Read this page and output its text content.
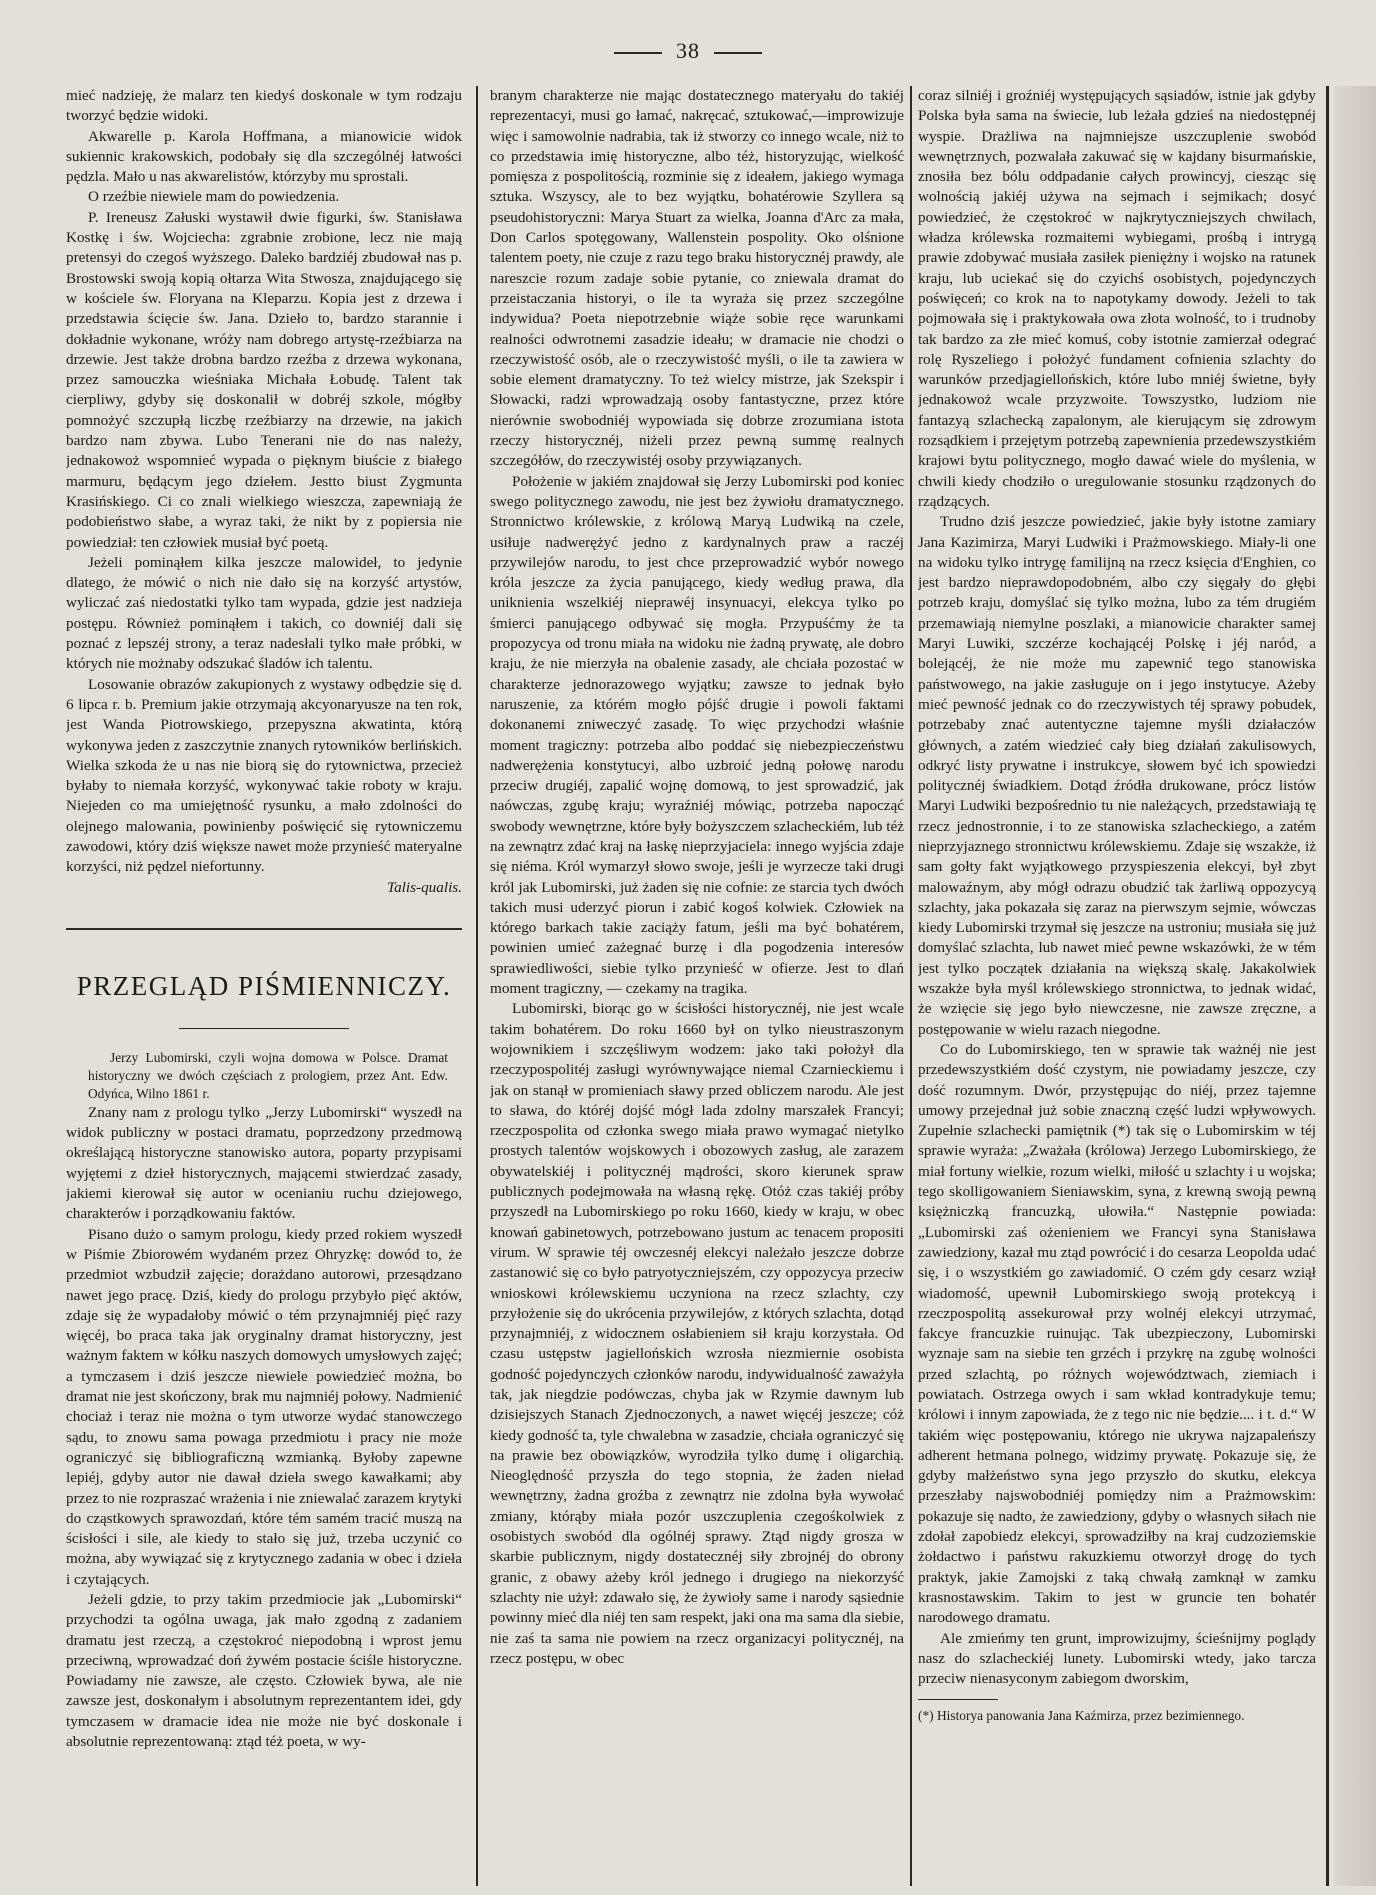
38

mieć nadzieję, że malarz ten kiedyś doskonale w tym rodzaju tworzyć będzie widoki.

Akwarelle p. Karola Hoffmana, a mianowicie widok sukiennic krakowskich, podobały się dla szczególnéj łatwości pędzla. Mało u nas akwarelistów, którzyby mu sprostali.

O rzeźbie niewiele mam do powiedzenia.

P. Ireneusz Załuski wystawił dwie figurki, św. Stanisława Kostkę i św. Wojciecha: zgrabnie zrobione, lecz nie mają pretensyi do czegoś wyższego. Daleko bardziéj zbudował nas p. Brostowski swoją kopią ołtarza Wita Stwosza, znajdującego się w kościele św. Floryana na Kleparzu. Kopia jest z drzewa i przedstawia ścięcie św. Jana. Dzieło to, bardzo starannie i dokładnie wykonane, wróży nam dobrego artystę-rzeźbiarza na drzewie. Jest także drobna bardzo rzeźba z drzewa wykonana, przez samouczka wieśniaka Michała Łobudę. Talent tak cierpliwy, gdyby się doskonalił w dobréj szkole, mógłby pomnożyć szczupłą liczbę rzeźbiarzy na drzewie, na jakich bardzo nam zbywa. Lubo Tenerani nie do nas należy, jednakowoż wspomnieć wypada o pięknym biuście z białego marmuru, będącym jego dziełem. Jestto biust Zygmunta Krasińskiego. Ci co znali wielkiego wieszcza, zapewniają że podobieństwo słabe, a wyraz taki, że nikt by z popiersia nie powiedział: ten człowiek musiał być poetą.

Jeżeli pominąłem kilka jeszcze malowideł, to jedynie dlatego, że mówić o nich nie dało się na korzyść artystów, wyliczać zaś niedostatki tylko tam wypada, gdzie jest nadzieja postępu. Również pominąłem i takich, co downiéj dali się poznać z lepszéj strony, a teraz nadesłali tylko małe próbki, w których nie możnaby odszukać śladów ich talentu.

Losowanie obrazów zakupionych z wystawy odbędzie się d. 6 lipca r. b. Premium jakie otrzymają akcyonaryusze na ten rok, jest Wanda Piotrowskiego, przepyszna akwatinta, którą wykonywa jeden z zaszczytnie znanych rytowników berlińskich. Wielka szkoda że u nas nie biorą się do rytownictwa, przecież byłaby to niemała korzyść, wykonywać takie roboty w kraju. Niejeden co ma umiejętność rysunku, a mało zdolności do olejnego malowania, powinienby poświęcić się rytowniczemu zawodowi, który dziś większe nawet może przynieść materyalne korzyści, niż pędzel niefortunny.

Talis-qualis.

PRZEGLĄD PIŚMIENNICZY.

Jerzy Lubomirski, czyli wojna domowa w Polsce. Dramat historyczny we dwóch częściach z prologiem, przez Ant. Edw. Odyńca, Wilno 1861 r.

Znany nam z prologu tylko „Jerzy Lubomirski“ wyszedł na widok publiczny w postaci dramatu, poprzedzony przedmową określającą historyczne stanowisko autora, poparty przypisami wyjętemi z dzieł historycznych, mającemi stwierdzać zasady, jakiemi kierował się autor w ocenianiu ruchu dziejowego, charakterów i porządkowaniu faktów.

Pisano dużo o samym prologu, kiedy przed rokiem wyszedł w Piśmie Zbiorowém wydaném przez Ohryzkę: dowód to, że przedmiot wzbudził zajęcie; dorażdano autorowi, przesądzano nawet jego pracę. Dziś, kiedy do prologu przybyło pięć aktów, zdaje się że wypadałoby mówić o tém przynajmniéj pięć razy więcéj, bo praca taka jak oryginalny dramat historyczny, jest ważnym faktem w kółku naszych domowych umysłowych zajęć; a tymczasem i dziś jeszcze niewiele powiedzieć można, bo dramat nie jest skończony, brak mu najmniéj połowy. Nadmienić chociaż i teraz nie można o tym utworze wydać stanowczego sądu, to znowu sama powaga przedmiotu i pracy nie może ograniczyć się bibliograficzną wzmianką. Byłoby zapewne lepiéj, gdyby autor nie dawał dzieła swego kawałkami; aby przez to nie rozpraszać wrażenia i nie zniewalać zarazem krytyki do cząstkowych sprawozdań, które tém samém tracić muszą na ścisłości i sile, ale kiedy to stało się już, trzeba uczynić co można, aby wywiązać się z krytycznego zadania w obec i dzieła i czytających.

Jeżeli gdzie, to przy takim przedmiocie jak „Lubomirski“ przychodzi ta ogólna uwaga, jak mało zgodną z zadaniem dramatu jest rzeczą, a częstokroć niepodobną i wprost jemu przeciwną, wprowadzać doń żywém postacie ściśle historyczne. Powiadamy nie zawsze, ale często. Człowiek bywa, ale nie zawsze jest, doskonałym i absolutnym reprezentantem idei, gdy tymczasem w dramacie idea nie może nie być doskonale i absolutnie reprezentowaną: ztąd téż poeta, w wy-

branym charakterze nie mając dostatecznego materyału do takiéj reprezentacyi, musi go łamać, nakręcać, sztukować,—improwizuje więc i samowolnie nadrabia, tak iż stworzy co innego wcale, niż to co przedstawia imię historyczne, albo téż, historyzując, wielkość pomięsza z pospolitością, rozminie się z ideałem, jakiego wymaga sztuka. Wszyscy, ale to bez wyjątku, bohatérowie Szyllera są pseudohistoryczni: Marya Stuart za wielka, Joanna d'Arc za mała, Don Carlos spotęgowany, Wallenstein pospolity. Oko olśnione talentem poety, nie czuje z razu tego braku historycznéj prawdy, ale nareszcie rozum zadaje sobie pytanie, co zniewala dramat do przeistaczania historyi, o ile ta wyraża się przez szczególne indywidua? Poeta niepotrzebnie wiąże sobie ręce warunkami realności odwrotnemi zasadzie ideału; w dramacie nie chodzi o rzeczywistość osób, ale o rzeczywistość myśli, o ile ta zawiera w sobie element dramatyczny. To też wielcy mistrze, jak Szekspir i Słowacki, radzi wprowadzają osoby fantastyczne, przez które nierównie swobodniéj wypowiada się dobrze zrozumiana istota rzeczy historycznéj, niżeli przez pewną summę realnych szczegółów, do rzeczywistéj osoby przywiązanych.

Położenie w jakiém znajdował się Jerzy Lubomirski pod koniec swego politycznego zawodu, nie jest bez żywiołu dramatycznego. Stronnictwo królewskie, z królową Maryą Ludwiką na czele, usiłuje nadwerężyć jedno z kardynalnych praw a raczéj przywilejów narodu, to jest chce przeprowadzić wybór nowego króla jeszcze za życia panującego, kiedy według prawa, dla uniknienia wszelkiéj nieprawéj insynuacyi, elekcya tylko po śmierci panującego odbywać się mogła. Przypuśćmy że ta propozycya od tronu miała na widoku nie żadną prywatę, ale dobro kraju, że nie mierzyła na obalenie zasady, ale chciała pozostać w charakterze jednorazowego wyjątku; zawsze to jednak było naruszenie, za którém mogło pójść drugie i powoli faktami dokonanemi zniweczyć zasadę. To więc przychodzi właśnie moment tragiczny: potrzeba albo poddać się niebezpieczeństwu nadwerężenia konstytucyi, albo uzbroić jedną połowę narodu przeciw drugiéj, zapalić wojnę domową, to jest sprowadzić, jak naówczas, zgubę kraju; wyraźniéj mówiąc, potrzeba napocząć swobody wewnętrzne, które były bożyszczem szlacheckiém, lub téż na zewnątrz zdać kraj na łaskę nieprzyjaciela: innego wyjścia zdaje się niéma. Król wymarzył słowo swoje, jeśli je wyrzecze taki drugi król jak Lubomirski, już żaden się nie cofnie: ze starcia tych dwóch takich musi uderzyć piorun i zabić kogoś kolwiek. Człowiek na którego barkach takie zaciąży fatum, jeśli ma być bohatérem, powinien umieć zażegnać burzę i dla pogodzenia interesów sprawiedliwości, siebie tylko przynieść w ofierze. Jest to dlań moment tragiczny, — czekamy na tragika.

Lubomirski, biorąc go w ścisłości historycznéj, nie jest wcale takim bohatérem. Do roku 1660 był on tylko nieustraszonym wojownikiem i szczęśliwym wodzem: jako taki położył dla rzeczypospolitéj zasługi wyrównywające niemal Czarnieckiemu i jak on stanął w promieniach sławy przed obliczem narodu. Ale jest to sława, do któréj dojść mógł lada zdolny marszałek Francyi; rzeczpospolita od członka swego miała prawo wymagać nietylko prostych talentów wojskowych i obozowych zasług, ale zarazem obywatelskiéj i politycznéj mądrości, skoro kierunek spraw publicznych podejmowała na własną rękę. Otóż czas takiéj próby przyszedł na Lubomirskiego po roku 1660, kiedy w kraju, w obec knowań gabinetowych, potrzebowano justum ac tenacem propositi virum. W sprawie téj owczesnéj elekcyi należało jeszcze dobrze zastanowić się co było patryotyczniejszém, czy oppozycya przeciw wnioskowi królewskiemu uczyniona na rzecz szlachty, czy przyłożenie się do ukrócenia przywilejów, z których szlachta, dotąd przynajmniéj, z widocznem osłabieniem sił kraju korzystała. Od czasu ustępstw jagiellońskich wzrosła niezmiernie osobista godność pojedynczych członków narodu, indywidualność zaważyła tak, jak niegdzie podówczas, chyba jak w Rzymie dawnym lub dzisiejszych Stanach Zjednoczonych, a nawet więcéj jeszcze; cóż kiedy godność ta, tyle chwalebna w zasadzie, chciała ograniczyć się na prawie bez obowiązków, wyrodziła tylko dumę i oligarchią. Nieoględność przyszła do tego stopnia, że żaden nieład wewnętrzny, żadna groźba z zewnątrz nie zdolna była wywołać zmiany, którąby miała pozór uszczuplenia czegośkolwiek z osobistych swobód dla ogólnéj sprawy. Ztąd nigdy grosza w skarbie publicznym, nigdy dostatecznéj siły zbrojnéj do obrony granic, z obawy ażeby król jednego i drugiego na niekorzyść szlachty nie użył: zdawało się, że żywioły same i narody sąsiednie powinny mieć dla niéj ten sam respekt, jaki ona ma sama dla siebie, nie zaś ta sama nie powiem na rzecz organizacyi politycznéj, na rzecz postępu, w obec

coraz silniéj i groźniéj występujących sąsiadów, istnie jak gdyby Polska była sama na świecie, lub leżała gdzieś na niedostępnéj wyspie. Drażliwa na najmniejsze uszczuplenie swobód wewnętrznych, pozwalała zakuwać się w kajdany bisurmańskie, znosiła bez bólu oddpadanie całych prowincyj, ciesząc się wolnością jakiéj używa na sejmach i sejmikach; dosyć powiedzieć, że częstokroć w najkrytyczniejszych chwilach, władza królewska rozmaitemi wybiegami, prośbą i intrygą prawie zdobywać musiała zasiłek pieniężny i wojsko na ratunek kraju, lub uciekać się do czyichś osobistych, pojedynczych poświęceń; co krok na to napotykamy dowody. Jeżeli to tak pojmowała się i praktykowała owa złota wolność, to i trudnoby tak bardzo za złe mieć komuś, coby istotnie zamierzał odegrać rolę Ryszeliego i położyć fundament cofnienia szlachty do warunków przedjagiellońskich, które lubo mniéj świetne, były jednakowoż wcale przyzwoite. Towszystko, ludziom nie fantazyą szlachecką zapalonym, ale kierującym się zdrowym rozsądkiem i przejętym potrzebą zapewnienia przedewszystkiém krajowi bytu politycznego, mogło dawać wiele do myślenia, w chwili kiedy chodziło o uregulowanie stosunku rządzonych do rządzących.

Trudno dziś jeszcze powiedzieć, jakie były istotne zamiary Jana Kazimirza, Maryi Ludwiki i Prażmowskiego. Miały-li one na widoku tylko intrygę familijną na rzecz księcia d'Enghien, co jest bardzo nieprawdopodobném, albo czy sięgały do głębi potrzeb kraju, domyślać się tylko można, lubo za tém drugiém przemawiają niemylne poszlaki, a mianowicie charakter samej Maryi Luwiki, szczérze kochającéj Polskę i jéj naród, a bolejącéj, że nie może mu zapewnić tego stanowiska państwowego, na jakie zasługuje on i jego instytucye. Ażeby mieć pewność jednak co do rzeczywistych téj sprawy pobudek, potrzebaby znać autentyczne tajemne myśli działaczów głównych, a zatém wiedzieć cały bieg działań zakulisowych, odkryć listy prywatne i instrukcye, słowem być ich spowiedzi politycznéj świadkiem. Dotąd źródła drukowane, prócz listów Maryi Ludwiki bezpośrednio tu nie należących, przedstawiają tę rzecz jednostronnie, i to ze stanowiska szlacheckiego, a zatém nieprzyjaznego stronnictwu królewskiemu. Zdaje się wszakże, iż sam gołty fakt wyjątkowego przyspieszenia elekcyi, był zbyt malowaźnym, aby mógł odrazu obudzić tak żarliwą oppozycyą szlachty, jaka pokazała się zaraz na pierwszym sejmie, wówczas kiedy Lubomirski trzymał się jeszcze na ustroniu; musiała się już domyślać szlachta, lub nawet mieć pewne wskazówki, że w tém jest tylko początek działania na większą skalę. Jakakolwiek wszakże była myśl królewskiego stronnictwa, to jednak widać, że wzięcie się jego było niewczesne, nie zawsze zręczne, a postępowanie w wielu razach niegodne.

Co do Lubomirskiego, ten w sprawie tak ważnéj nie jest przedewszystkiém dość czystym, nie powiadamy jeszcze, czy dość rozumnym. Dwór, przystępując do niéj, przez tajemne umowy przejednał już sobie znaczną część ludzi wpływowych. Zupełnie szlachecki pamiętnik (*) tak się o Lubomirskim w téj sprawie wyraża: „Zważała (królowa) Jerzego Lubomirskiego, że miał fortuny wielkie, rozum wielki, miłość u szlachty i u wojska; tego skolligowaniem Sieniawskim, syna, z krewną swoją pewną księżniczką francuzką, ułowiła.“ Następnie powiada: „Lubomirski zaś ożenieniem we Francyi syna Stanisława zawiedziony, kazał mu ztąd powrócić i do cesarza Leopolda udać się, i o wszystkiém go zawiadomić. O czém gdy cesarz wziął wiadomość, upewnił Lubomirskiego swoją protekcyą i rzeczpospolitą assekurował przy wolnéj elekcyi utrzymać, fakcye francuzkie ruinując. Tak ubezpieczony, Lubomirski wyznaje sam na siebie ten grzéch i przykrę na zgubę wolności przed szlachtą, po różnych województwach, ziemiach i powiatach. Ostrzega owych i sam wkład kontradykuje temu; królowi i innym zapowiada, że z tego nic nie będzie.... i t. d.“ W takiém więc postępowaniu, którego nie ukrywa najzapaleńszy adherent hetmana polnego, widzimy prywatę. Pokazuje się, że gdyby małżeństwo syna jego przyszło do skutku, elekcya przeszłaby najswobodniéj pomiędzy nim a Prażmowskim: pokazuje się nadto, że zawiedziony, gdyby o własnych siłach nie zdołał zapobiedz elekcyi, sprowadziłby na kraj cudzoziemskie żołdactwo i państwu rakuzkiemu otworzył drogę do tych praktyk, jakie Zamojski z taką chwałą zamknął w zamku krasnostawskim. Takim to jest w gruncie ten bohatér narodowego dramatu.

Ale zmieńmy ten grunt, improwizujmy, ścieśnijmy poglądy nasz do szlacheckiéj lunety. Lubomirski wtedy, jako tarcza przeciw nienasyconym zabiegom dworskim,

(*) Historya panowania Jana Kaźmirza, przez bezimiennego.
